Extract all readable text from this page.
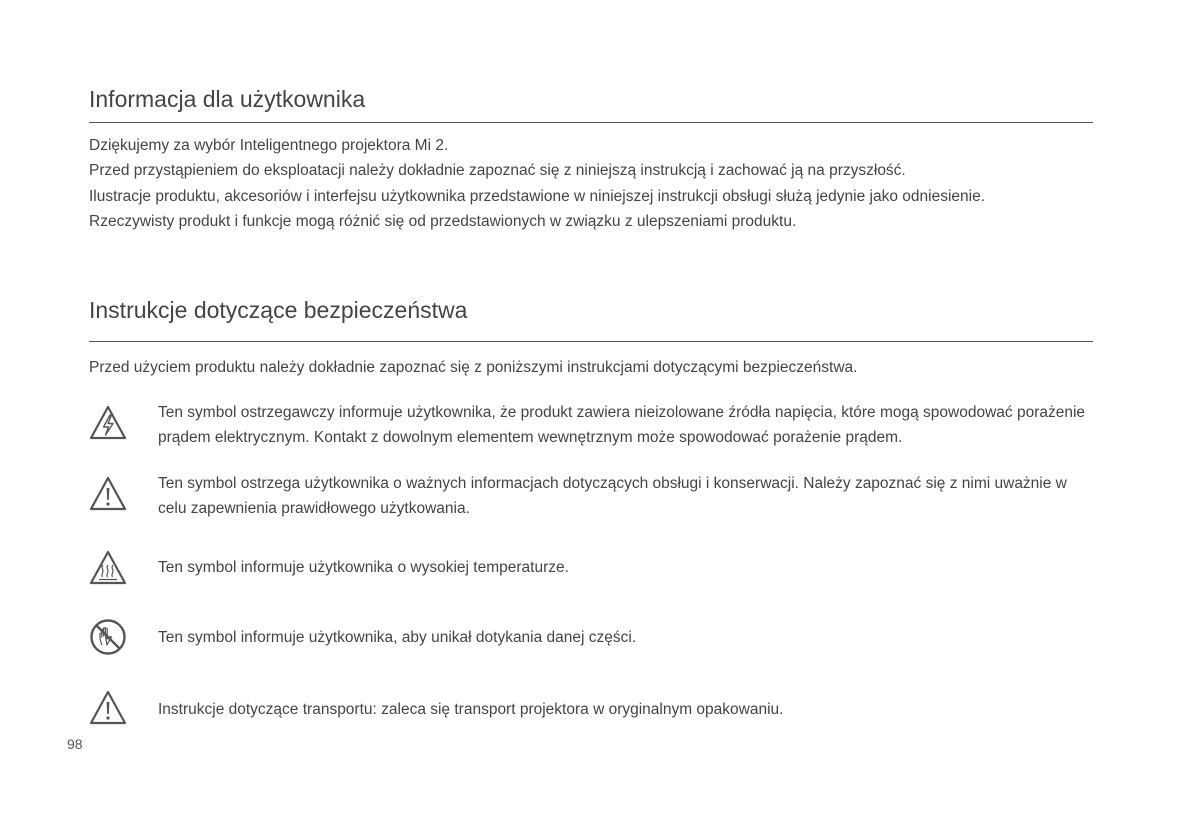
Informacja dla użytkownika
Dziękujemy za wybór Inteligentnego projektora Mi 2.
Przed przystąpieniem do eksploatacji należy dokładnie zapoznać się z niniejszą instrukcją i zachować ją na przyszłość.
Ilustracje produktu, akcesoriów i interfejsu użytkownika przedstawione w niniejszej instrukcji obsługi służą jedynie jako odniesienie.
Rzeczywisty produkt i funkcje mogą różnić się od przedstawionych w związku z ulepszeniami produktu.
Instrukcje dotyczące bezpieczeństwa
Przed użyciem produktu należy dokładnie zapoznać się z poniższymi instrukcjami dotyczącymi bezpieczeństwa.
Ten symbol ostrzegawczy informuje użytkownika, że produkt zawiera nieizolowane źródła napięcia, które mogą spowodować porażenie prądem elektrycznym. Kontakt z dowolnym elementem wewnętrznym może spowodować porażenie prądem.
Ten symbol ostrzega użytkownika o ważnych informacjach dotyczących obsługi i konserwacji. Należy zapoznać się z nimi uważnie w celu zapewnienia prawidłowego użytkowania.
Ten symbol informuje użytkownika o wysokiej temperaturze.
Ten symbol informuje użytkownika, aby unikał dotykania danej części.
Instrukcje dotyczące transportu: zaleca się transport projektora w oryginalnym opakowaniu.
98
